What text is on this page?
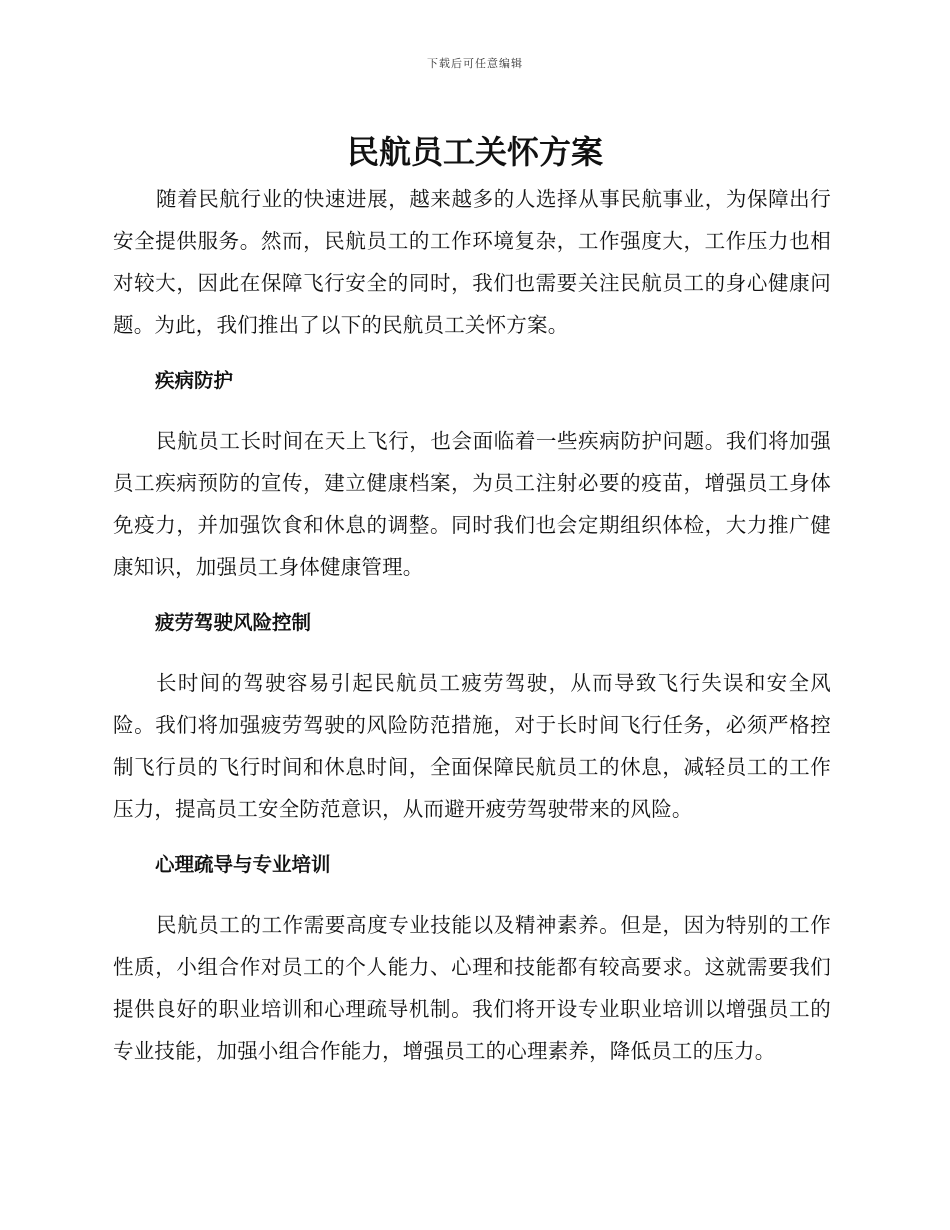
下载后可任意编辑
民航员工关怀方案

随着民航行业的快速进展，越来越多的人选择从事民航事业，为保障出行安全提供服务。然而，民航员工的工作环境复杂，工作强度大，工作压力也相对较大，因此在保障飞行安全的同时，我们也需要关注民航员工的身心健康问题。为此，我们推出了以下的民航员工关怀方案。

疾病防护

民航员工长时间在天上飞行，也会面临着一些疾病防护问题。我们将加强员工疾病预防的宣传，建立健康档案，为员工注射必要的疫苗，增强员工身体免疫力，并加强饮食和休息的调整。同时我们也会定期组织体检，大力推广健康知识，加强员工身体健康管理。

疲劳驾驶风险控制

长时间的驾驶容易引起民航员工疲劳驾驶，从而导致飞行失误和安全风险。我们将加强疲劳驾驶的风险防范措施，对于长时间飞行任务，必须严格控制飞行员的飞行时间和休息时间，全面保障民航员工的休息，减轻员工的工作压力，提高员工安全防范意识，从而避开疲劳驾驶带来的风险。

心理疏导与专业培训

民航员工的工作需要高度专业技能以及精神素养。但是，因为特别的工作性质，小组合作对员工的个人能力、心理和技能都有较高要求。这就需要我们提供良好的职业培训和心理疏导机制。我们将开设专业职业培训以增强员工的专业技能，加强小组合作能力，增强员工的心理素养，降低员工的压力。
